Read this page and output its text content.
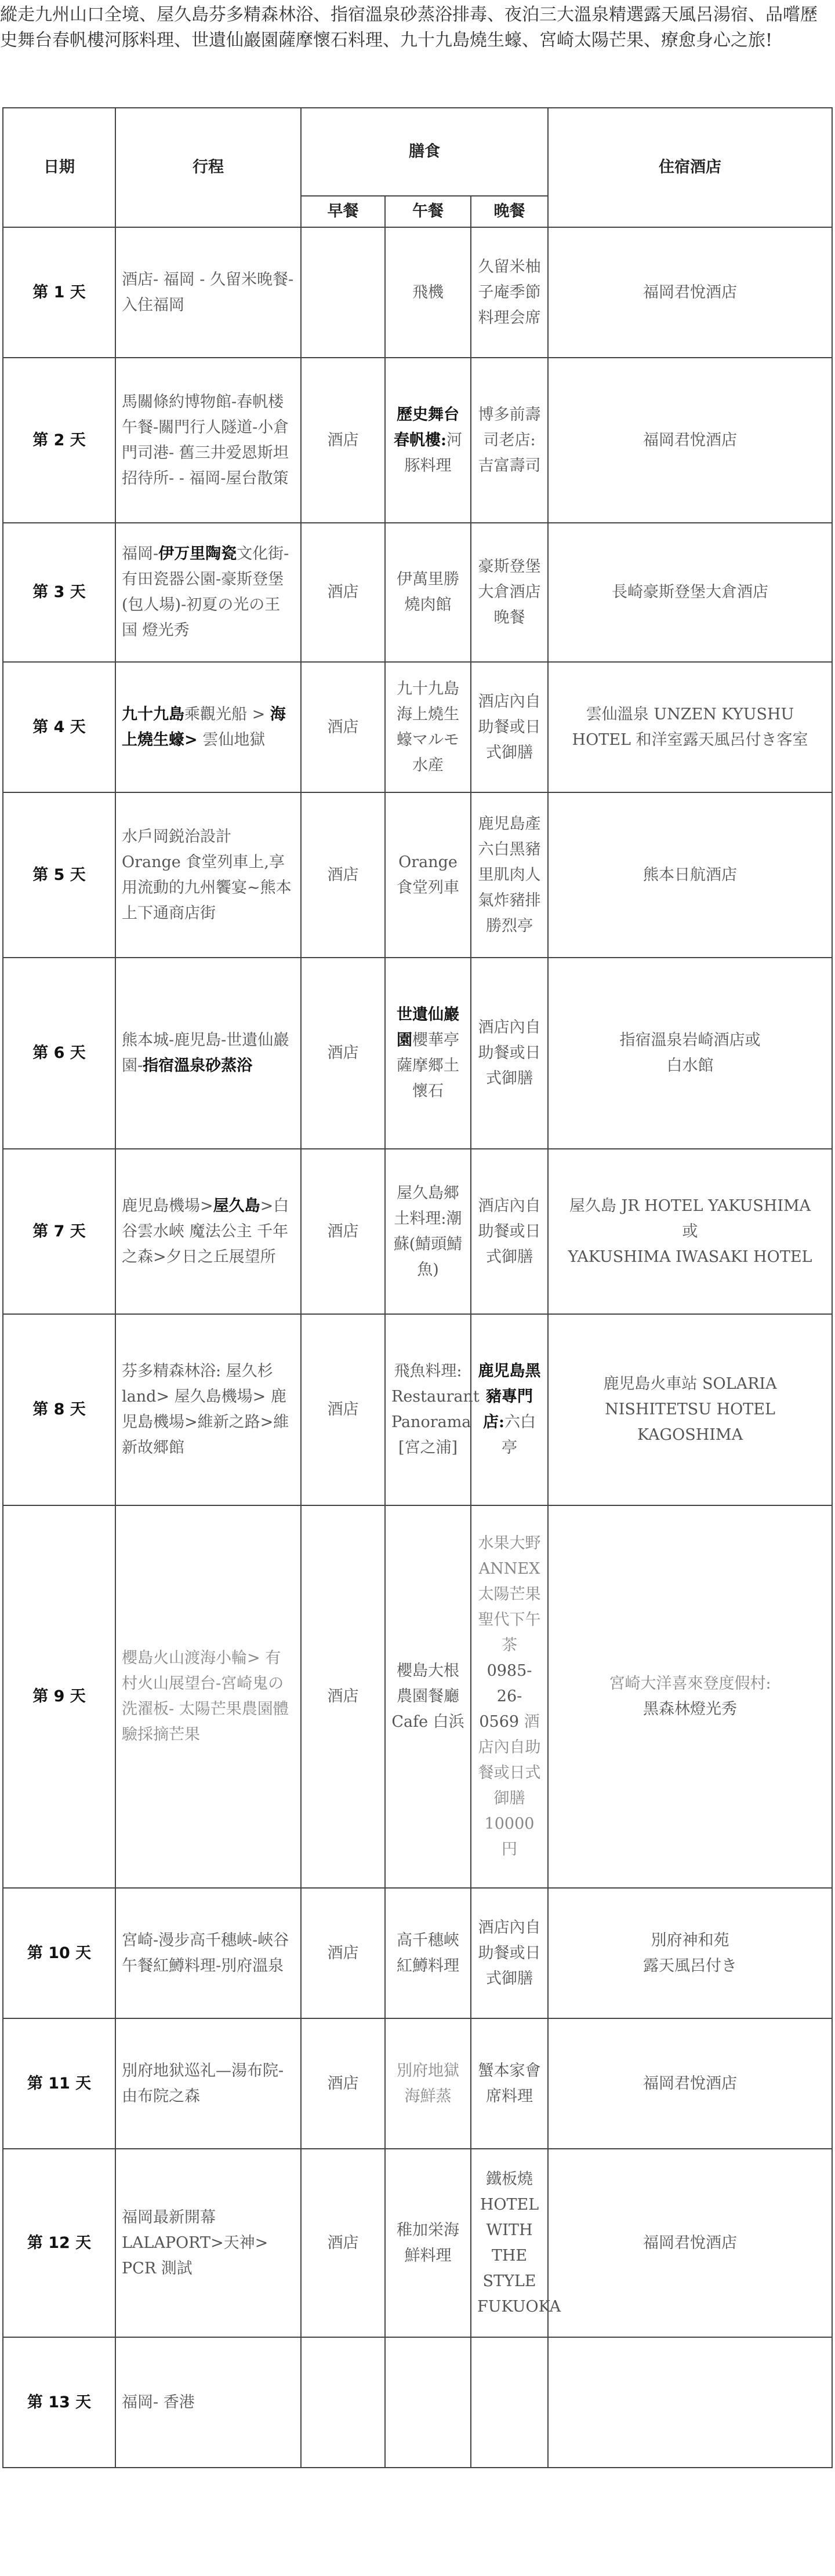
縱走九州山口全境、屋久島芬多精森林浴、指宿溫泉砂蒸浴排毒、夜泊三大溫泉精選露天風呂湯宿、品嚐歷史舞台春帆樓河豚料理、世遺仙巖園薩摩懷石料理、九十九島燒生蠔、宮崎太陽芒果、療愈身心之旅!

日期	行程	膳食			住宿酒店
		早餐	午餐	晚餐	
第 1 天	酒店- 福岡 - 久留米晚餐-入住福岡		飛機	久留米柚子庵季節料理会席	福岡君悅酒店
第 2 天	馬關條約博物館-春帆楼午餐-關門行人隧道-小倉門司港- 舊三井爱恩斯坦招待所- - 福岡-屋台散策	酒店	歷史舞台春帆樓:河豚料理	博多前壽司老店:吉富壽司	福岡君悅酒店
第 3 天	福岡-伊万里陶瓷文化街-有田瓷器公園-豪斯登堡(包人場)-初夏の光の王国 燈光秀	酒店	伊萬里勝燒肉館	豪斯登堡大倉酒店晚餐	長崎豪斯登堡大倉酒店
第 4 天	九十九島乘觀光船 > 海上燒生蠔> 雲仙地獄	酒店	九十九島海上燒生蠔マルモ水産	酒店內自助餐或日式御膳	雲仙溫泉 UNZEN KYUSHU HOTEL 和洋室露天風呂付き客室
第 5 天	水戶岡鋭治設計 Orange 食堂列車上,享用流動的九州饗宴~熊本上下通商店街	酒店	Orange 食堂列車	鹿児島產六白黑豬里肌肉人氣炸豬排 勝烈亭	熊本日航酒店
第 6 天	熊本城-鹿児島-世遺仙巖園-指宿溫泉砂蒸浴	酒店	世遺仙巖園櫻華亭薩摩郷土懷石	酒店內自助餐或日式御膳	指宿溫泉岩崎酒店或
白水館
第 7 天	鹿児島機場>屋久島>白谷雲水峽 魔法公主 千年之森>夕日之丘展望所	酒店	屋久島郷土料理:潮蘇(鯖頭鯖魚)	酒店內自助餐或日式御膳	屋久島 JR HOTEL YAKUSHIMA
或
YAKUSHIMA IWASAKI HOTEL
第 8 天	芬多精森林浴: 屋久杉 land> 屋久島機場> 鹿児島機場>維新之路>維新故郷館	酒店	飛魚料理: Restaurant Panorama [宮之浦]	鹿児島黑豬專門店:六白亭	鹿児島火車站 SOLARIA NISHITETSU HOTEL KAGOSHIMA
第 9 天	櫻島火山渡海小輪> 有村火山展望台-宮崎鬼の洗濯板- 太陽芒果農園體驗採摘芒果	酒店	櫻島大根農園餐廳 Cafe 白浜	水果大野 ANNEX 太陽芒果聖代下午茶 0985-26-0569 酒店內自助餐或日式御膳 10000 円	宮崎大洋喜來登度假村:
黑森林燈光秀
第 10 天	宮崎-漫步高千穗峽-峽谷午餐紅鱒料理-別府溫泉	酒店	高千穗峽紅鱒料理	酒店內自助餐或日式御膳	別府神和苑
露天風呂付き
第 11 天	別府地狱巡礼—湯布院- 由布院之森	酒店	別府地獄海鮮蒸	蟹本家會席料理	福岡君悅酒店
第 12 天	福岡最新開幕 LALAPORT>天神> PCR 測試	酒店	稚加栄海鮮料理	鐵板燒 HOTEL WITH THE STYLE FUKUOKA	福岡君悅酒店
第 13 天	福岡- 香港				
